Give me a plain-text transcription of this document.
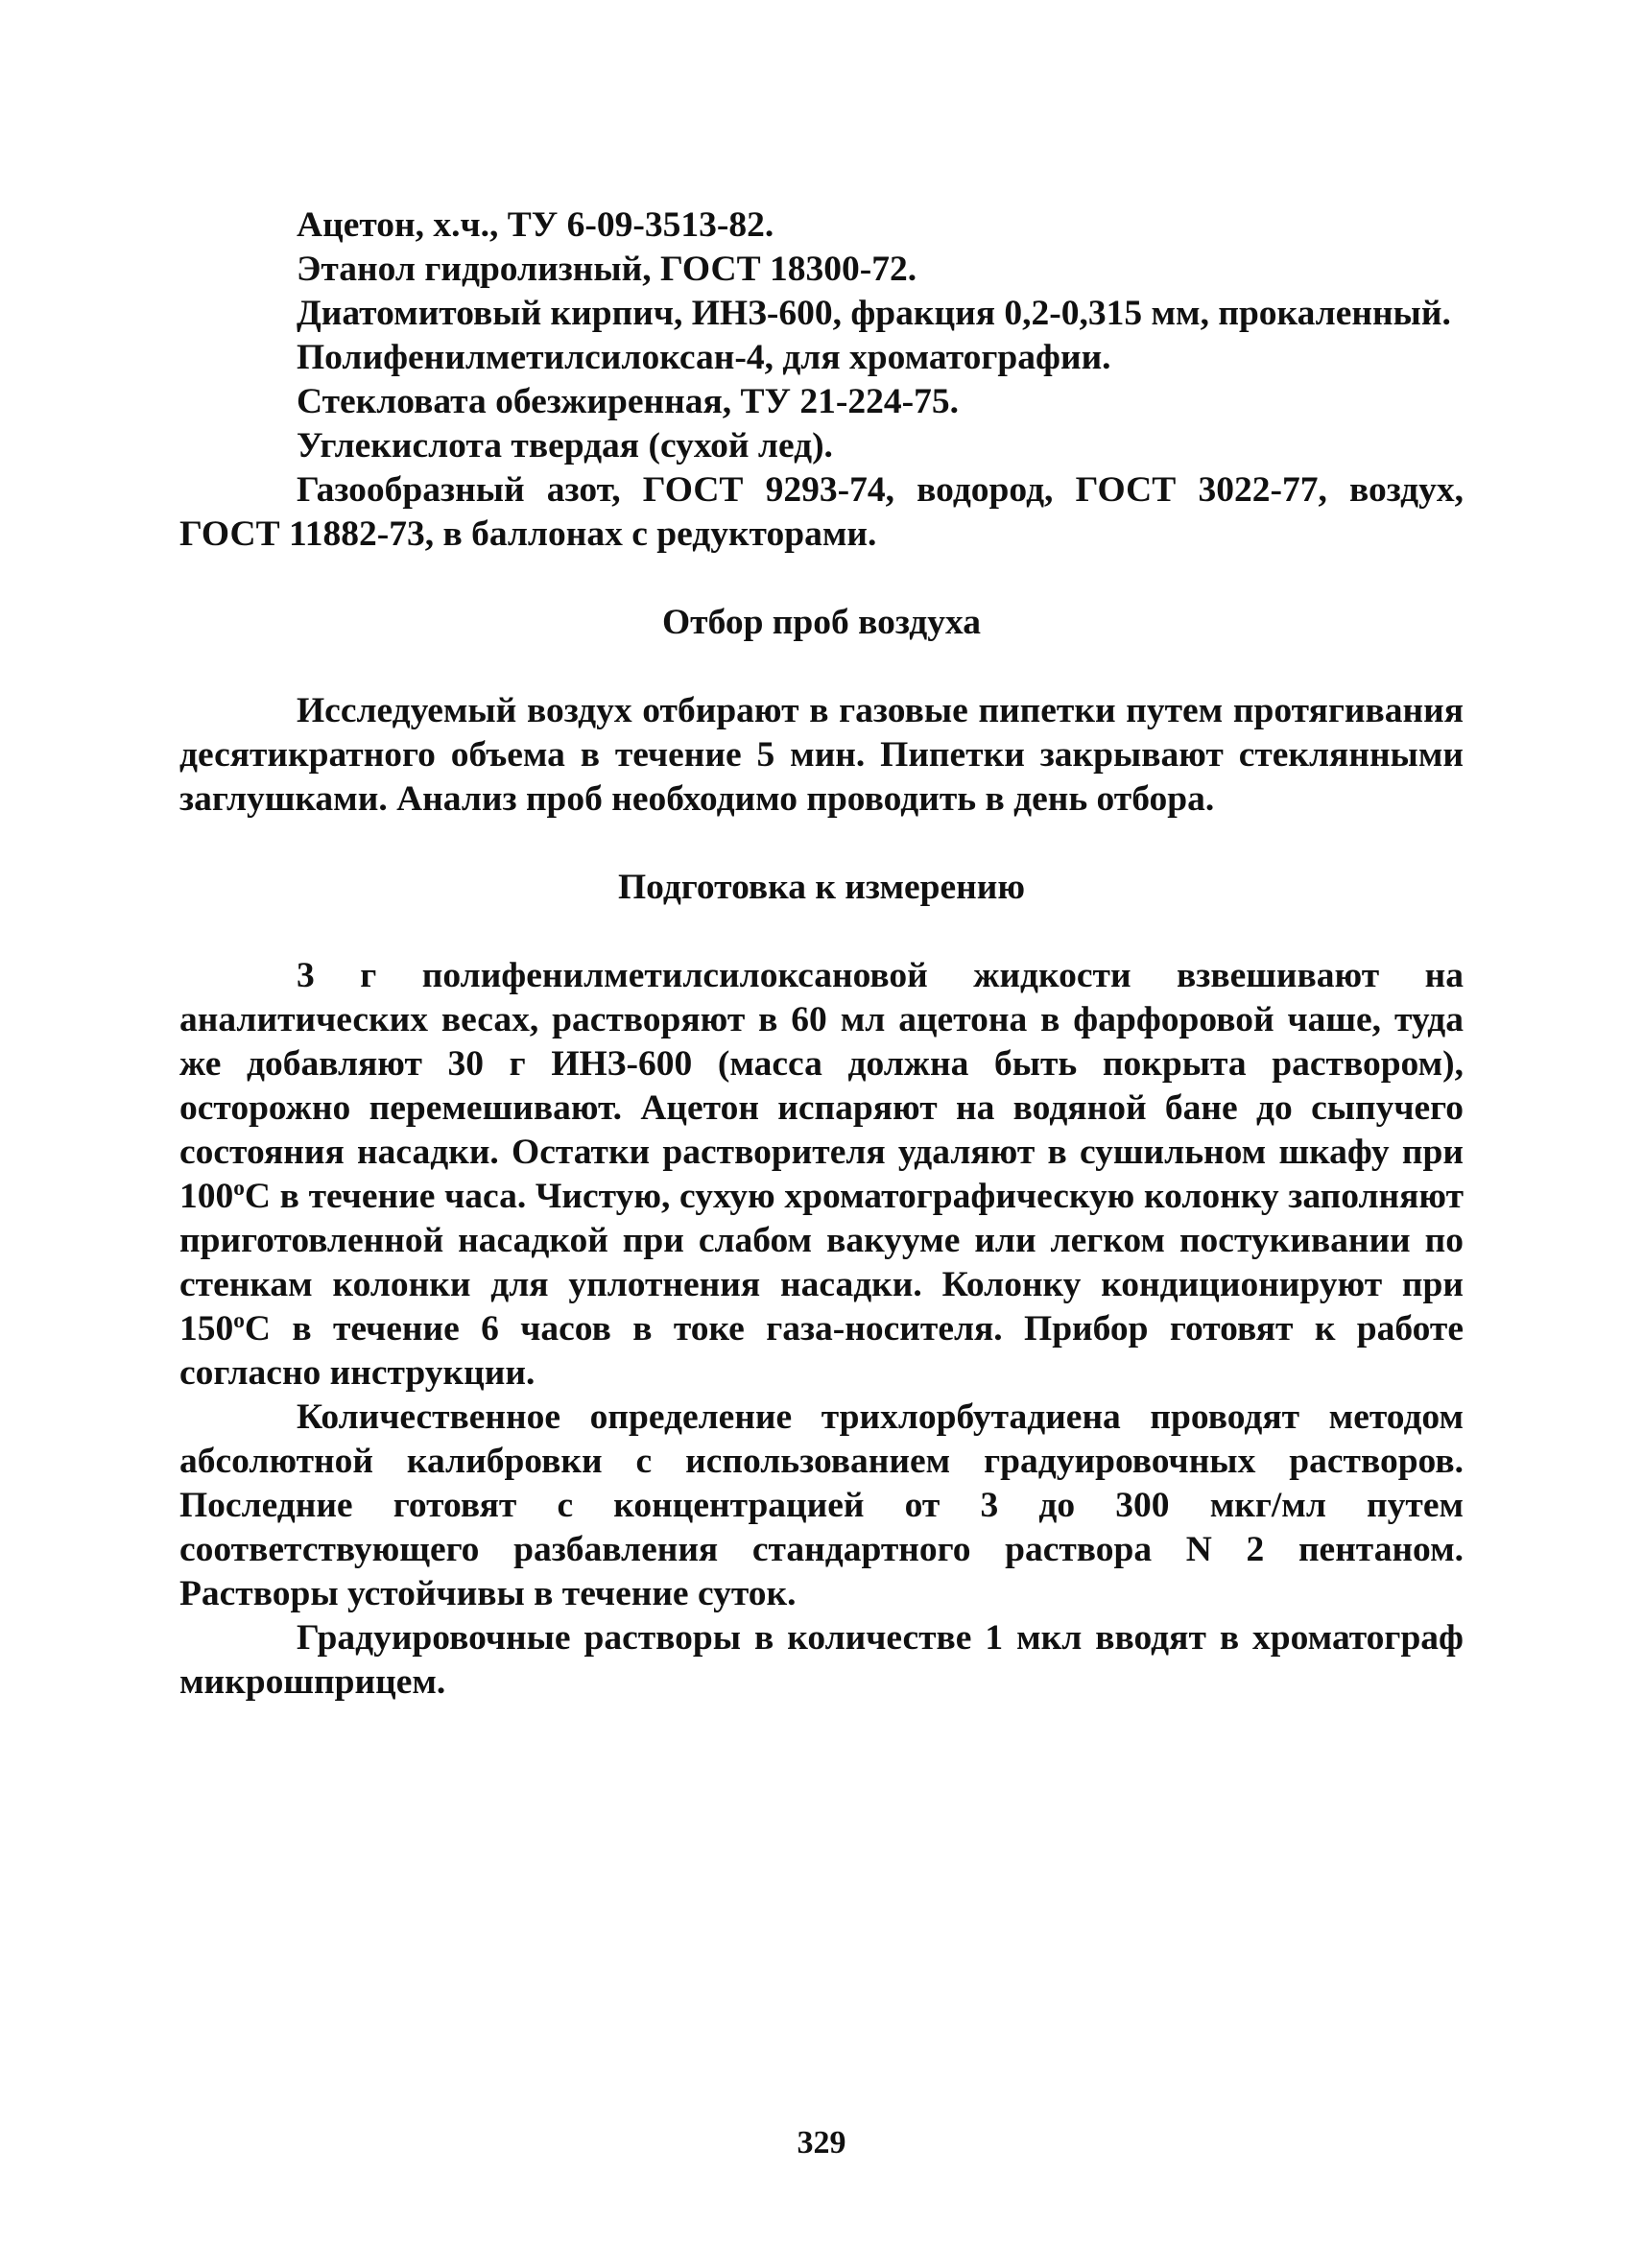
Ацетон, х.ч., ТУ 6-09-3513-82.

Этанол гидролизный, ГОСТ 18300-72.

Диатомитовый кирпич, ИНЗ-600, фракция 0,2-0,315 мм, прокаленный.

Полифенилметилсилоксан-4, для хроматографии.

Стекловата обезжиренная, ТУ 21-224-75.

Углекислота твердая (сухой лед).

Газообразный азот, ГОСТ 9293-74, водород, ГОСТ 3022-77, воздух, ГОСТ 11882-73, в баллонах с редукторами.

Отбор проб воздуха

Исследуемый воздух отбирают в газовые пипетки путем протягивания десятикратного объема в течение 5 мин. Пипетки закрывают стеклянными заглушками. Анализ проб необходимо проводить в день отбора.

Подготовка к измерению

3 г полифенилметилсилоксановой жидкости взвешивают на аналитических весах, растворяют в 60 мл ацетона в фарфоровой чаше, туда же добавляют 30 г ИНЗ-600 (масса должна быть покрыта раствором), осторожно перемешивают. Ацетон испаряют на водяной бане до сыпучего состояния насадки. Остатки растворителя удаляют в сушильном шкафу при $100^оС$ в течение часа. Чистую, сухую хроматографическую колонку заполняют приготовленной насадкой при слабом вакууме или легком постукивании по стенкам колонки для уплотнения насадки. Колонку кондиционируют при $150^оС$ в течение 6 часов в токе газа-носителя. Прибор готовят к работе согласно инструкции.

Количественное определение трихлорбутадиена проводят методом абсолютной калибровки с использованием градуировочных растворов. Последние готовят с концентрацией от 3 до 300 мкг/мл путем соответствующего разбавления стандартного раствора N 2 пентаном. Растворы устойчивы в течение суток.

Градуировочные растворы в количестве 1 мкл вводят в хроматограф микрошприцем.

329
